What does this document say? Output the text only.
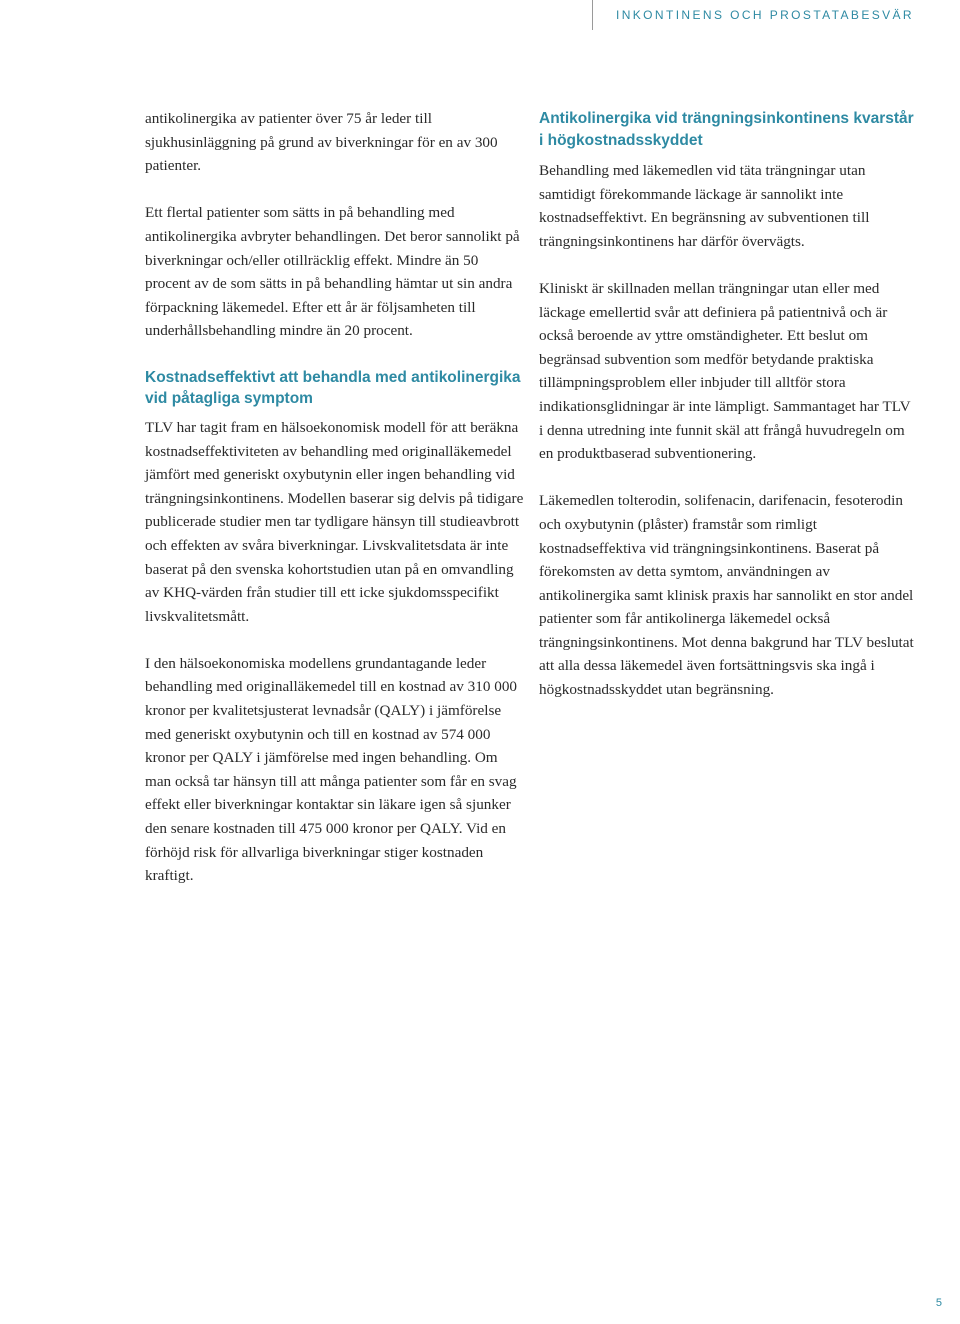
INKONTINENS OCH PROSTATABESVÄR

antikolinergika av patienter över 75 år leder till sjukhusinläggning på grund av biverkningar för en av 300 patienter.

Ett flertal patienter som sätts in på behandling med antikolinergika avbryter behandlingen. Det beror sannolikt på biverkningar och/eller otillräcklig effekt. Mindre än 50 procent av de som sätts in på behandling hämtar ut sin andra förpackning läkemedel. Efter ett år är följsamheten till underhållsbehandling mindre än 20 procent.

Kostnadseffektivt att behandla med antikolinergika vid påtagliga symptom

TLV har tagit fram en hälsoekonomisk modell för att beräkna kostnadseffektiviteten av behandling med originalläkemedel jämfört med generiskt oxybutynin eller ingen behandling vid trängningsinkontinens. Modellen baserar sig delvis på tidigare publicerade studier men tar tydligare hänsyn till studieavbrott och effekten av svåra biverkningar. Livskvalitetsdata är inte baserat på den svenska kohortstudien utan på en omvandling av KHQ-värden från studier till ett icke sjukdomsspecifikt livskvalitetsmått.

I den hälsoekonomiska modellens grundantagande leder behandling med originalläkemedel till en kostnad av 310 000 kronor per kvalitetsjusterat levnadsår (QALY) i jämförelse med generiskt oxybutynin och till en kostnad av 574 000 kronor per QALY i jämförelse med ingen behandling. Om man också tar hänsyn till att många patienter som får en svag effekt eller biverkningar kontaktar sin läkare igen så sjunker den senare kostnaden till 475 000 kronor per QALY. Vid en förhöjd risk för allvarliga biverkningar stiger kostnaden kraftigt.

Antikolinergika vid trängningsinkontinens kvarstår i högkostnadsskyddet

Behandling med läkemedlen vid täta trängningar utan samtidigt förekommande läckage är sannolikt inte kostnadseffektivt. En begränsning av subventionen till trängningsinkontinens har därför övervägts.

Kliniskt är skillnaden mellan trängningar utan eller med läckage emellertid svår att definiera på patientnivå och är också beroende av yttre omständigheter. Ett beslut om begränsad subvention som medför betydande praktiska tillämpningsproblem eller inbjuder till alltför stora indikationsglidningar är inte lämpligt. Sammantaget har TLV i denna utredning inte funnit skäl att frångå huvudregeln om en produktbaserad subventionering.

Läkemedlen tolterodin, solifenacin, darifenacin, fesoterodin och oxybutynin (plåster) framstår som rimligt kostnadseffektiva vid trängningsinkontinens. Baserat på förekomsten av detta symtom, användningen av antikolinergika samt klinisk praxis har sannolikt en stor andel patienter som får antikolinerga läkemedel också trängningsinkontinens. Mot denna bakgrund har TLV beslutat att alla dessa läkemedel även fortsättningsvis ska ingå i högkostnadsskyddet utan begränsning.

5
